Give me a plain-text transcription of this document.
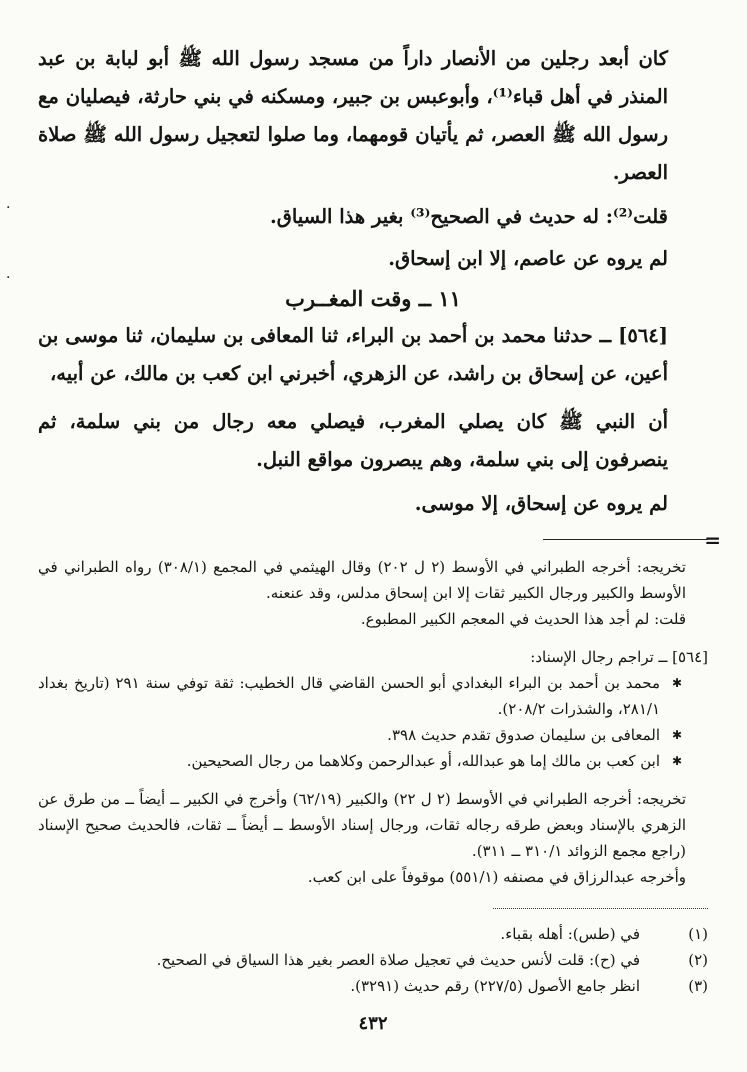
=
·
·

كان أبعد رجلين من الأنصار داراً من مسجد رسول الله ﷺ أبو لبابة بن عبد المنذر في أهل قباء⁽¹⁾، وأبوعبس بن جبير، ومسكنه في بني حارثة، فيصليان مع رسول الله ﷺ العصر، ثم يأتيان قومهما، وما صلوا لتعجيل رسول الله ﷺ صلاة العصر.

قلت⁽²⁾: له حديث في الصحيح⁽³⁾ بغير هذا السياق.

لم يروه عن عاصم، إلا ابن إسحاق.

١١ ــ وقت المغــرب

[٥٦٤] ــ حدثنا محمد بن أحمد بن البراء، ثنا المعافى بن سليمان، ثنا موسى بن أعين، عن إسحاق بن راشد، عن الزهري، أخبرني ابن كعب بن مالك، عن أبيه،

أن النبي ﷺ كان يصلي المغرب، فيصلي معه رجال من بني سلمة، ثم ينصرفون إلى بني سلمة، وهم يبصرون مواقع النبل.

لم يروه عن إسحاق، إلا موسى.

تخريجه: أخرجه الطبراني في الأوسط (٢ ل ٢٠٢) وقال الهيثمي في المجمع (٣٠٨/١) رواه الطبراني في الأوسط والكبير ورجال الكبير ثقات إلا ابن إسحاق مدلس، وقد عنعنه.

قلت: لم أجد هذا الحديث في المعجم الكبير المطبوع.

[٥٦٤] ــ تراجم رجال الإسناد:

✱ محمد بن أحمد بن البراء البغدادي أبو الحسن القاضي قال الخطيب: ثقة توفي سنة ٢٩١ (تاريخ بغداد ٢٨١/١، والشذرات ٢٠٨/٢).

✱ المعافى بن سليمان صدوق تقدم حديث ٣٩٨.

✱ ابن كعب بن مالك إما هو عبدالله، أو عبدالرحمن وكلاهما من رجال الصحيحين.

تخريجه: أخرجه الطبراني في الأوسط (٢ ل ٢٢) والكبير (٦٢/١٩) وأخرج في الكبير ــ أيضاً ــ من طرق عن الزهري بالإسناد وبعض طرقه رجاله ثقات، ورجال إسناد الأوسط ــ أيضاً ــ ثقات، فالحديث صحيح الإسناد (راجع مجمع الزوائد ٣١٠/١ ــ ٣١١).

وأخرجه عبدالرزاق في مصنفه (٥٥١/١) موقوفاً على ابن كعب.

(١)
في (طس): أهله بقباء.
(٢)
في (ح): قلت لأنس حديث في تعجيل صلاة العصر بغير هذا السياق في الصحيح.
(٣)
انظر جامع الأصول (٢٢٧/٥) رقم حديث (٣٢٩١).
٤٣٢
